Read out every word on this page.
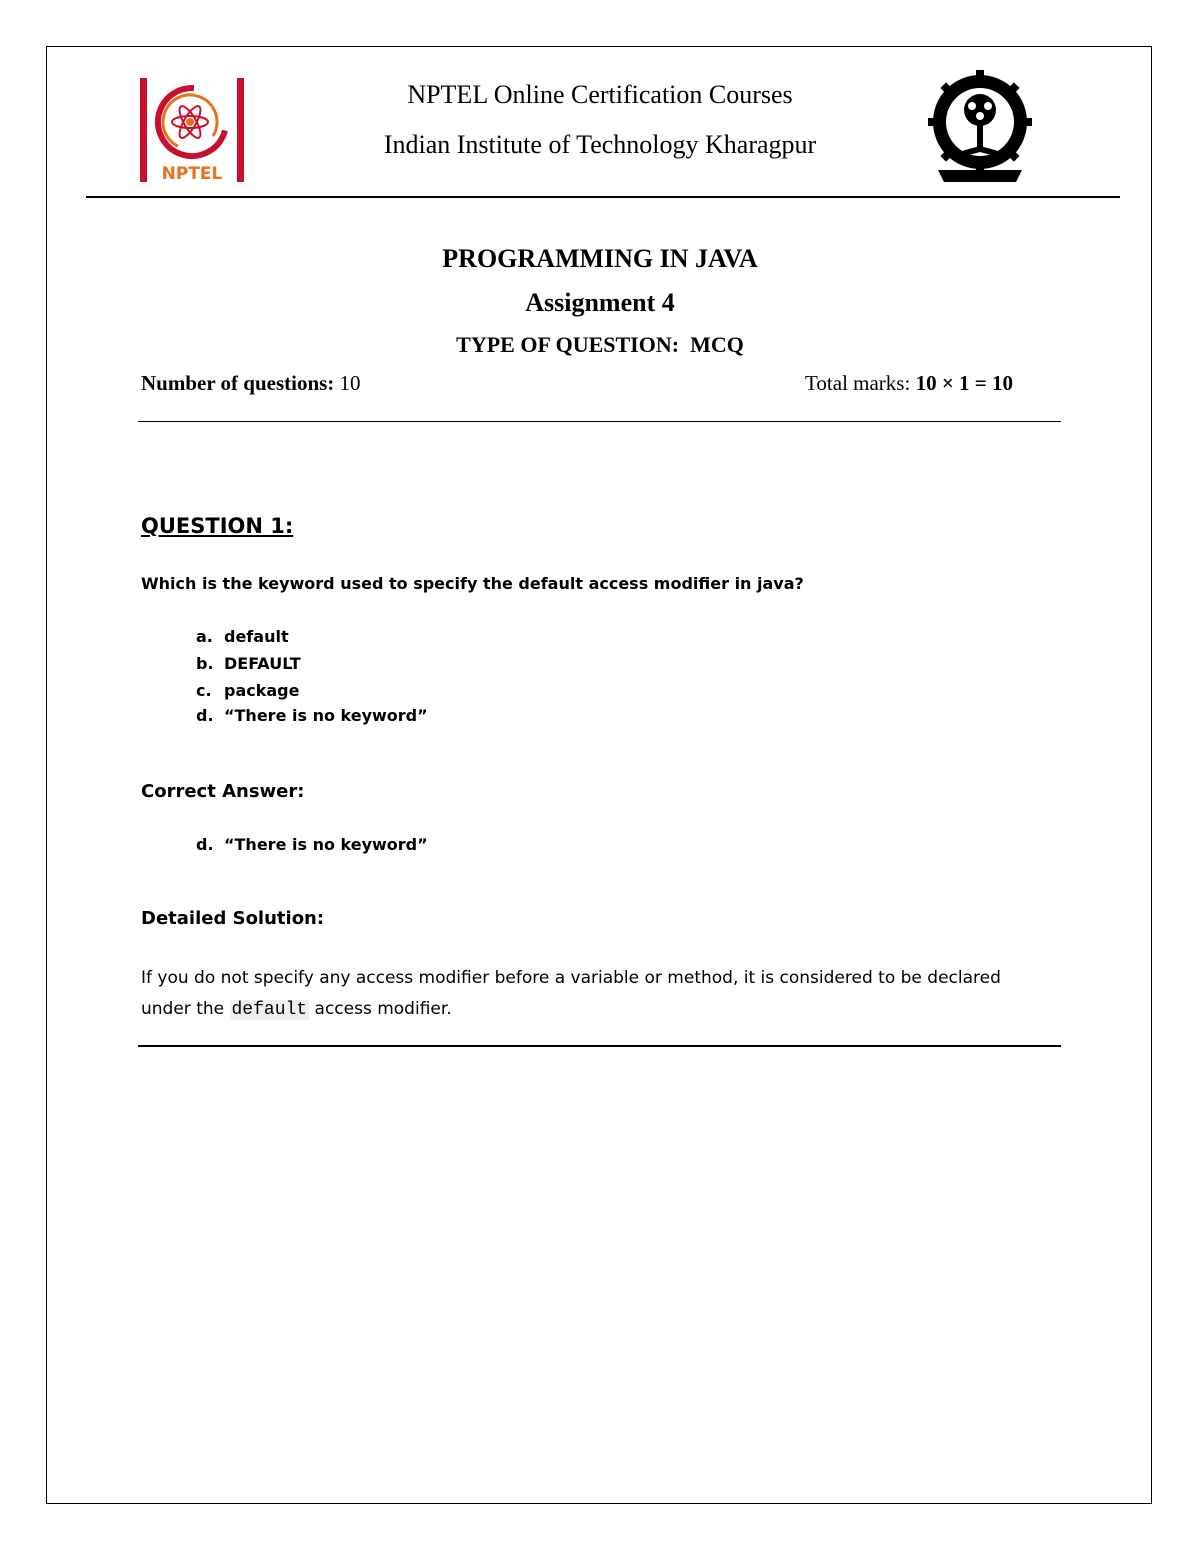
NPTEL
NPTEL Online Certification Courses
Indian Institute of Technology Kharagpur
PROGRAMMING IN JAVA
Assignment 4
TYPE OF QUESTION: MCQ
Number of questions: 10	Total marks: 10 × 1 = 10
QUESTION 1:
Which is the keyword used to specify the default access modifier in java?
a. default
b. DEFAULT
c. package
d. “There is no keyword”
Correct Answer:
d. “There is no keyword”
Detailed Solution:
If you do not specify any access modifier before a variable or method, it is considered to be declared under the default access modifier.
